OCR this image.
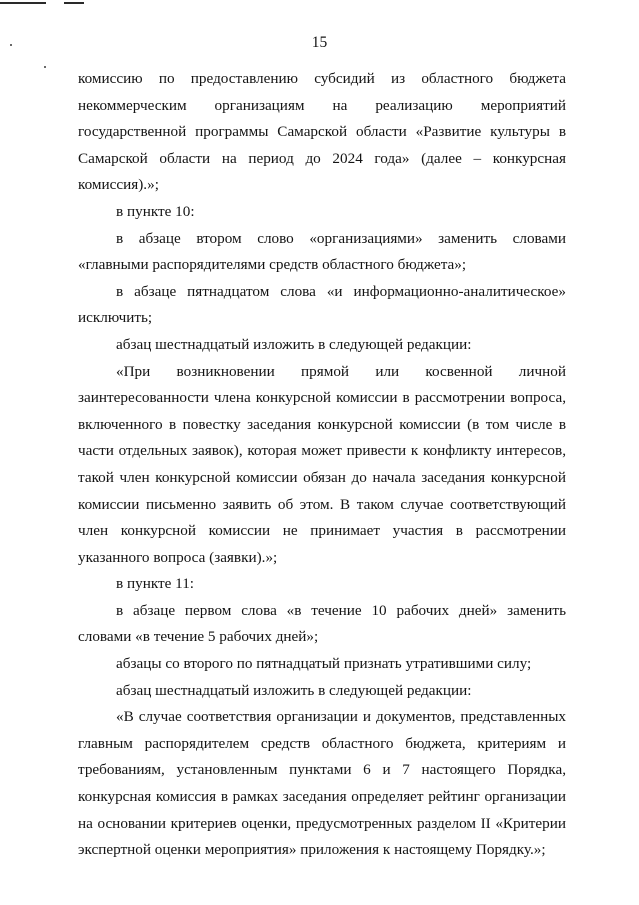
15

комиссию по предоставлению субсидий из областного бюджета некоммерческим организациям на реализацию мероприятий государственной программы Самарской области «Развитие культуры в Самарской области на период до 2024 года» (далее – конкурсная комиссия).»;

в пункте 10:

в абзаце втором слово «организациями» заменить словами «главными распорядителями средств областного бюджета»;

в абзаце пятнадцатом слова «и информационно-аналитическое» исключить;

абзац шестнадцатый изложить в следующей редакции:

«При возникновении прямой или косвенной личной заинтересованности члена конкурсной комиссии в рассмотрении вопроса, включенного в повестку заседания конкурсной комиссии (в том числе в части отдельных заявок), которая может привести к конфликту интересов, такой член конкурсной комиссии обязан до начала заседания конкурсной комиссии письменно заявить об этом. В таком случае соответствующий член конкурсной комиссии не принимает участия в рассмотрении указанного вопроса (заявки).»;

в пункте 11:

в абзаце первом слова «в течение 10 рабочих дней» заменить словами «в течение 5 рабочих дней»;

абзацы со второго по пятнадцатый признать утратившими силу;

абзац шестнадцатый изложить в следующей редакции:

«В случае соответствия организации и документов, представленных главным распорядителем средств областного бюджета, критериям и требованиям, установленным пунктами 6 и 7 настоящего Порядка, конкурсная комиссия в рамках заседания определяет рейтинг организации на основании критериев оценки, предусмотренных разделом II «Критерии экспертной оценки мероприятия» приложения к настоящему Порядку.»;
